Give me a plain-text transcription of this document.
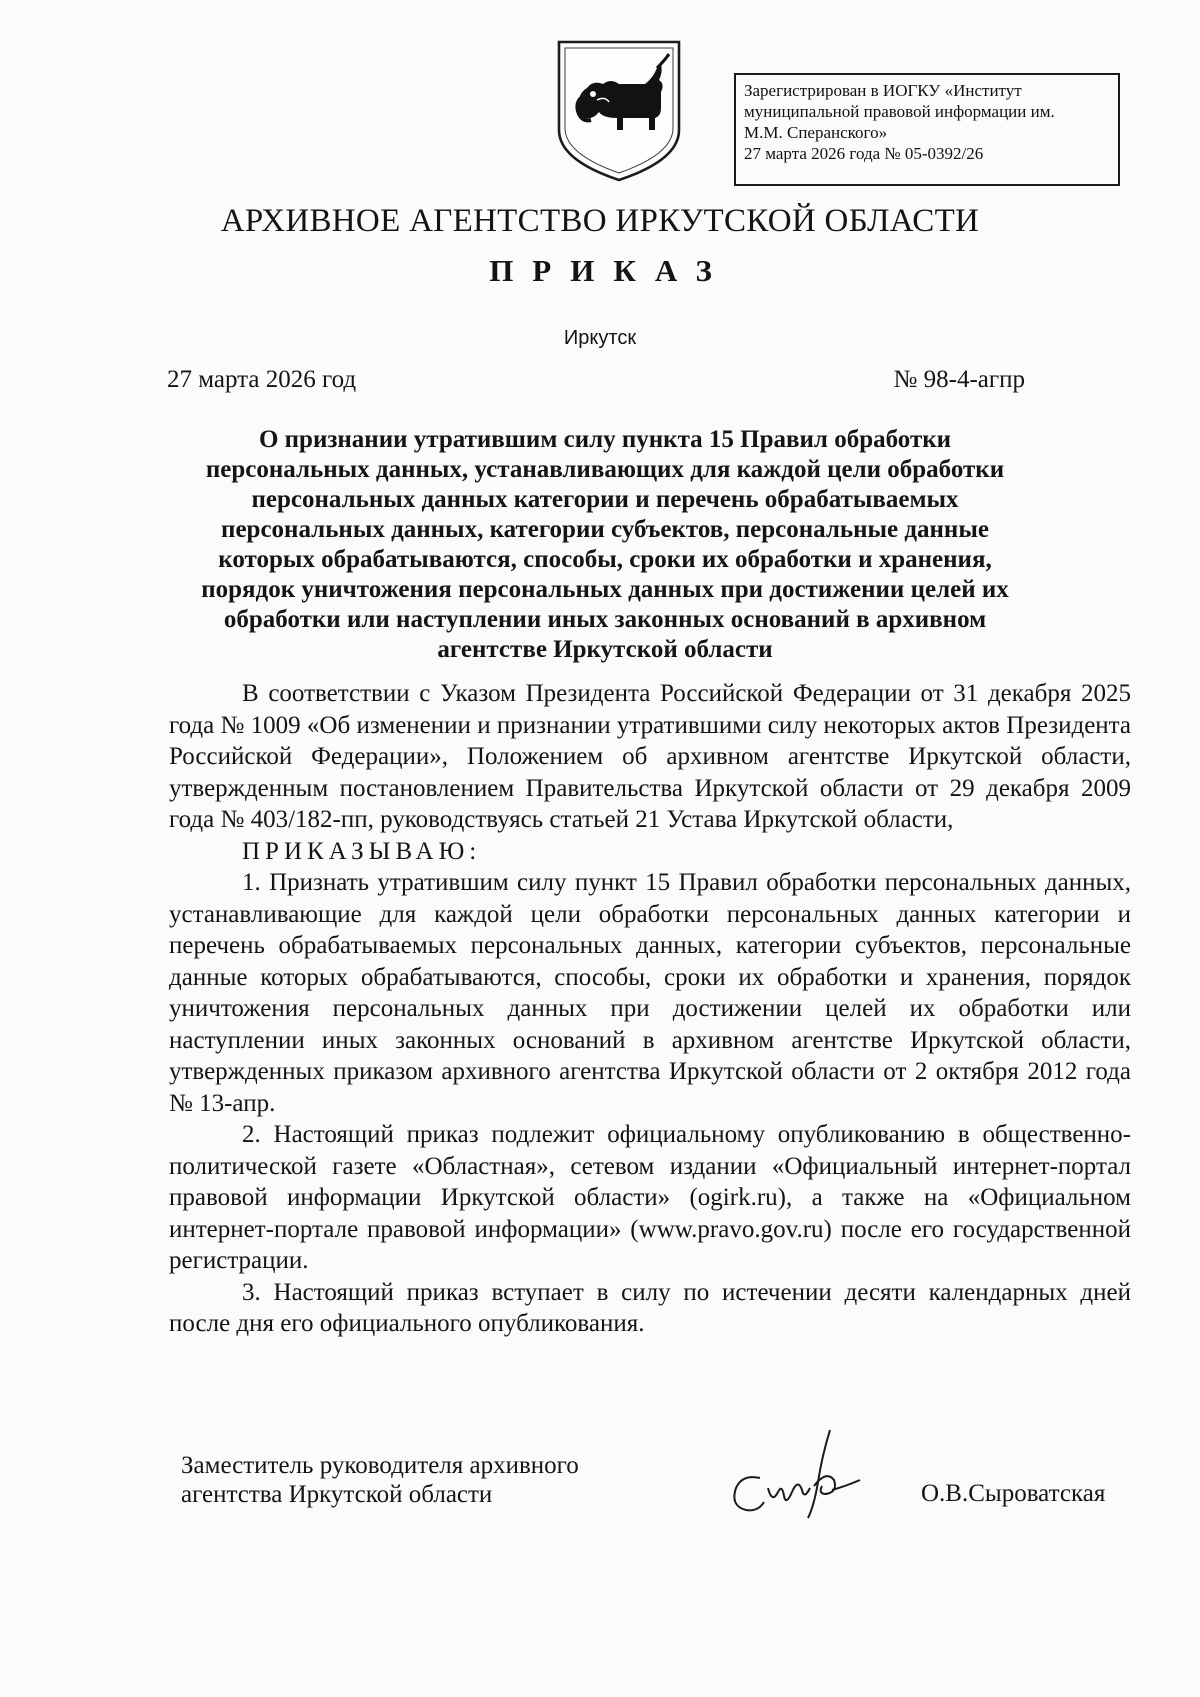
Зарегистрирован в ИОГКУ «Институт
муниципальной правовой информации им.
М.М. Сперанского»
27 марта 2026 года № 05-0392/26
АРХИВНОЕ АГЕНТСТВО ИРКУТСКОЙ ОБЛАСТИ
ПРИКАЗ
Иркутск
27 марта 2026 год	№ 98-4-агпр
О признании утратившим силу пункта 15 Правил обработки
персональных данных, устанавливающих для каждой цели обработки
персональных данных категории и перечень обрабатываемых
персональных данных, категории субъектов, персональные данные
которых обрабатываются, способы, сроки их обработки и хранения,
порядок уничтожения персональных данных при достижении целей их
обработки или наступлении иных законных оснований в архивном
агентстве Иркутской области

В соответствии с Указом Президента Российской Федерации от 31 декабря 2025 года № 1009 «Об изменении и признании утратившими силу некоторых актов Президента Российской Федерации», Положением об архивном агентстве Иркутской области, утвержденным постановлением Правительства Иркутской области от 29 декабря 2009 года № 403/182-пп, руководствуясь статьей 21 Устава Иркутской области,

ПРИКАЗЫВАЮ:

1. Признать утратившим силу пункт 15 Правил обработки персональных данных, устанавливающие для каждой цели обработки персональных данных категории и перечень обрабатываемых персональных данных, категории субъектов, персональные данные которых обрабатываются, способы, сроки их обработки и хранения, порядок уничтожения персональных данных при достижении целей их обработки или наступлении иных законных оснований в архивном агентстве Иркутской области, утвержденных приказом архивного агентства Иркутской области от 2 октября 2012 года № 13-апр.

2. Настоящий приказ подлежит официальному опубликованию в общественно-политической газете «Областная», сетевом издании «Официальный интернет-портал правовой информации Иркутской области» (ogirk.ru), а также на «Официальном интернет-портале правовой информации» (www.pravo.gov.ru) после его государственной регистрации.

3. Настоящий приказ вступает в силу по истечении десяти календарных дней после дня его официального опубликования.

Заместитель руководителя архивного
агентства Иркутской области	О.В.Сыроватская
